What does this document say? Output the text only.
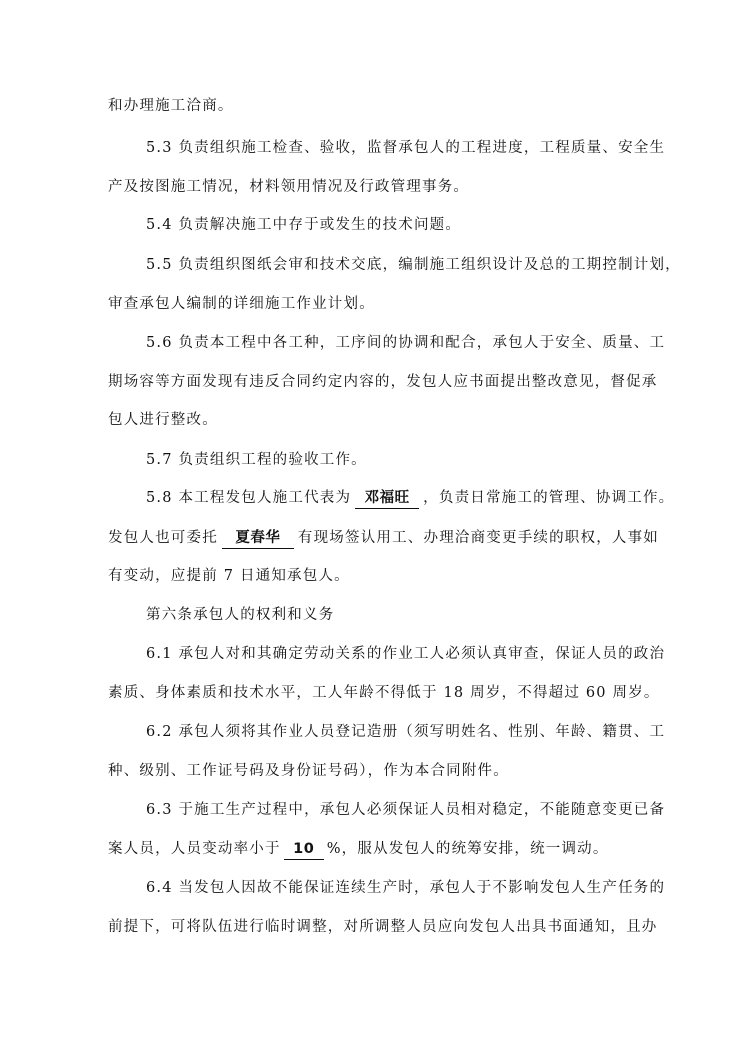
和办理施工洽商。
5.3 负责组织施工检查、验收，监督承包人的工程进度，工程质量、安全生
产及按图施工情况，材料领用情况及行政管理事务。
5.4 负责解决施工中存于或发生的技术问题。
5.5 负责组织图纸会审和技术交底，编制施工组织设计及总的工期控制计划，
审查承包人编制的详细施工作业计划。
5.6 负责本工程中各工种，工序间的协调和配合，承包人于安全、质量、工
期场容等方面发现有违反合同约定内容的，发包人应书面提出整改意见，督促承
包人进行整改。
5.7 负责组织工程的验收工作。
5.8 本工程发包人施工代表为 邓福旺 ，负责日常施工的管理、协调工作。
发包人也可委托 夏春华 有现场签认用工、办理洽商变更手续的职权，人事如
有变动，应提前 7 日通知承包人。
第六条承包人的权利和义务
6.1 承包人对和其确定劳动关系的作业工人必须认真审查，保证人员的政治
素质、身体素质和技术水平，工人年龄不得低于 18 周岁，不得超过 60 周岁。
6.2 承包人须将其作业人员登记造册（须写明姓名、性别、年龄、籍贯、工
种、级别、工作证号码及身份证号码），作为本合同附件。
6.3 于施工生产过程中，承包人必须保证人员相对稳定，不能随意变更已备
案人员，人员变动率小于 10 %，服从发包人的统筹安排，统一调动。
6.4 当发包人因故不能保证连续生产时，承包人于不影响发包人生产任务的
前提下，可将队伍进行临时调整，对所调整人员应向发包人出具书面通知，且办
